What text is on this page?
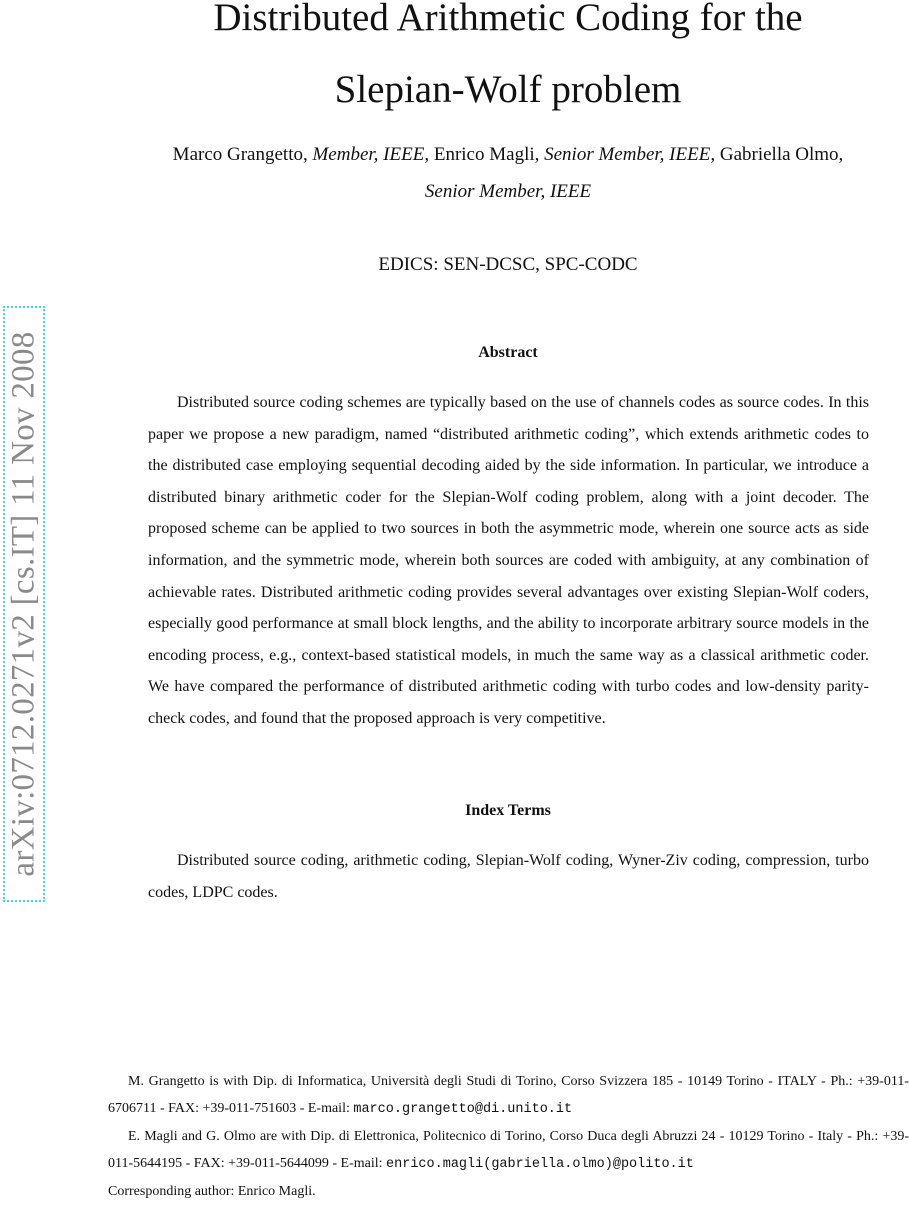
arXiv:0712.0271v2 [cs.IT] 11 Nov 2008
Distributed Arithmetic Coding for the
Slepian-Wolf problem
Marco Grangetto, Member, IEEE, Enrico Magli, Senior Member, IEEE, Gabriella Olmo,
Senior Member, IEEE
EDICS: SEN-DCSC, SPC-CODC
Abstract

Distributed source coding schemes are typically based on the use of channels codes as source codes. In this paper we propose a new paradigm, named “distributed arithmetic coding”, which extends arithmetic codes to the distributed case employing sequential decoding aided by the side information. In particular, we introduce a distributed binary arithmetic coder for the Slepian-Wolf coding problem, along with a joint decoder. The proposed scheme can be applied to two sources in both the asymmetric mode, wherein one source acts as side information, and the symmetric mode, wherein both sources are coded with ambiguity, at any combination of achievable rates. Distributed arithmetic coding provides several advantages over existing Slepian-Wolf coders, especially good performance at small block lengths, and the ability to incorporate arbitrary source models in the encoding process, e.g., context-based statistical models, in much the same way as a classical arithmetic coder. We have compared the performance of distributed arithmetic coding with turbo codes and low-density parity-check codes, and found that the proposed approach is very competitive.

Index Terms

Distributed source coding, arithmetic coding, Slepian-Wolf coding, Wyner-Ziv coding, compression, turbo codes, LDPC codes.

M. Grangetto is with Dip. di Informatica, Università degli Studi di Torino, Corso Svizzera 185 - 10149 Torino - ITALY - Ph.: +39-011-6706711 - FAX: +39-011-751603 - E-mail: marco.grangetto@di.unito.it

E. Magli and G. Olmo are with Dip. di Elettronica, Politecnico di Torino, Corso Duca degli Abruzzi 24 - 10129 Torino - Italy - Ph.: +39-011-5644195 - FAX: +39-011-5644099 - E-mail: enrico.magli(gabriella.olmo)@polito.it

Corresponding author: Enrico Magli.
